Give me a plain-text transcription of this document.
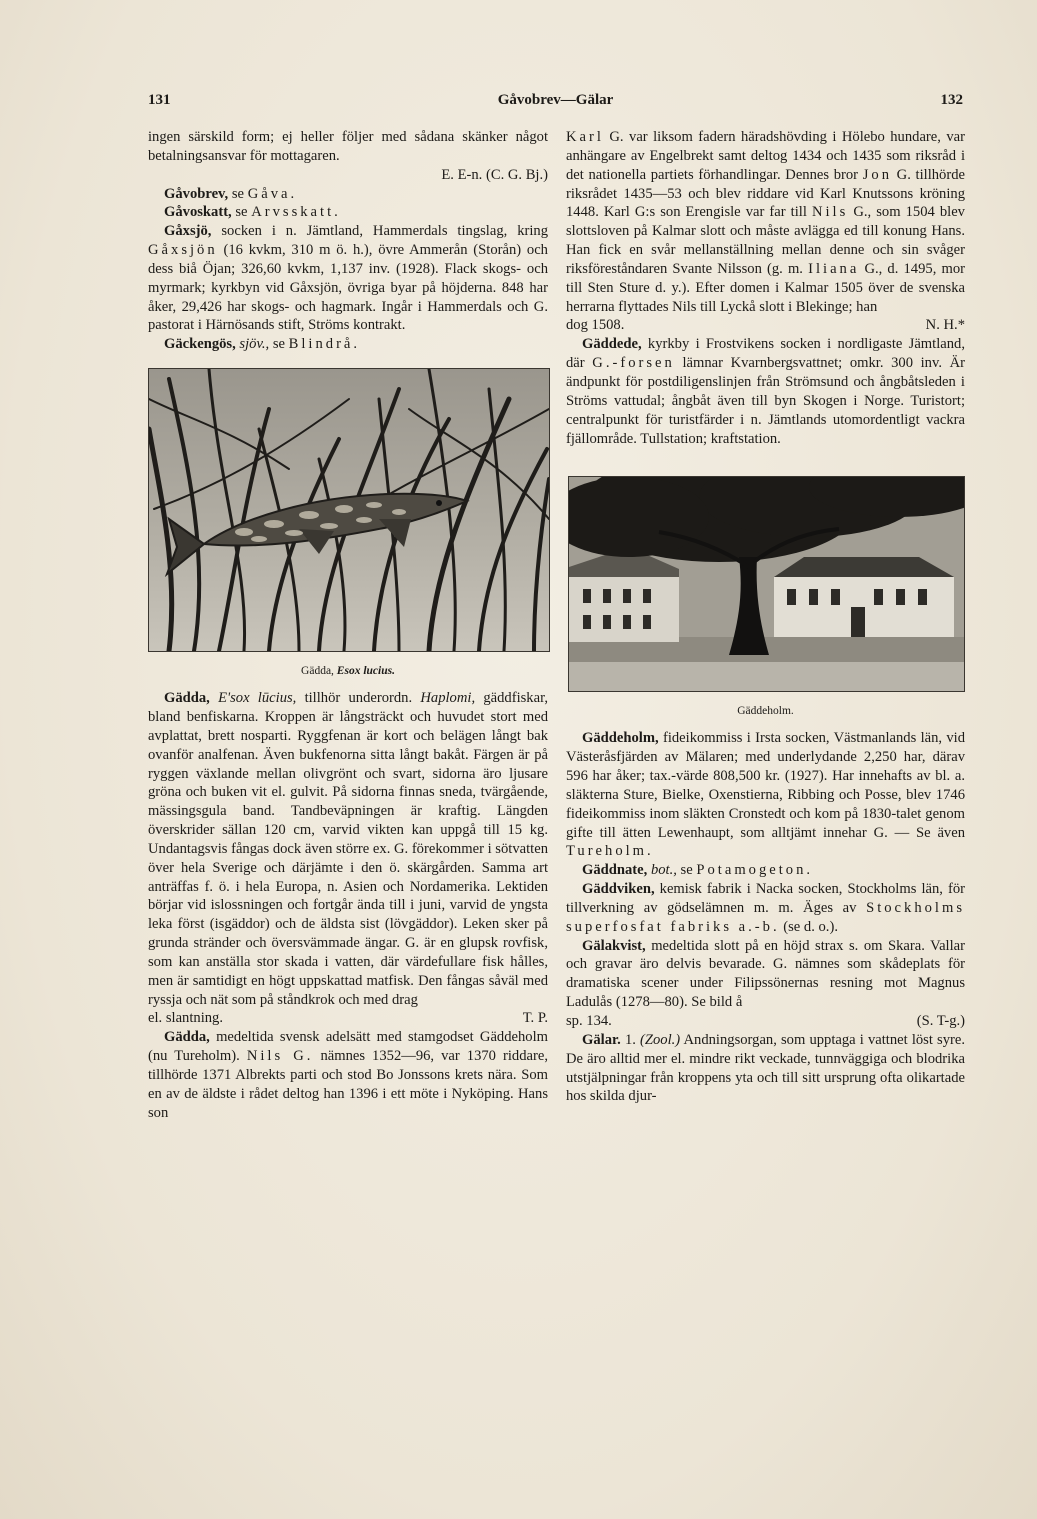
131	Gåvobrev—Gälar	132

ingen särskild form; ej heller följer med sådana skänker något betalningsansvar för mottagaren.

E. E-n. (C. G. Bj.)

Gåvobrev, se Gåva.

Gåvoskatt, se Arvsskatt.

Gåxsjö, socken i n. Jämtland, Hammerdals tingslag, kring Gåxsjön (16 kvkm, 310 m ö. h.), övre Ammerån (Storån) och dess biå Öjan; 326,60 kvkm, 1,137 inv. (1928). Flack skogs- och myrmark; kyrkbyn vid Gåxsjön, övriga byar på höjderna. 848 har åker, 29,426 har skogs- och hagmark. Ingår i Hammerdals och G. pastorat i Härnösands stift, Ströms kontrakt.

Gäckengös, sjöv., se Blindrå.

Gädda, Esox lucius.

Gädda, E'sox lūcius, tillhör underordn. Haplomi, gäddfiskar, bland benfiskarna. Kroppen är långsträckt och huvudet stort med avplattat, brett nosparti. Ryggfenan är kort och belägen långt bak ovanför analfenan. Även bukfenorna sitta långt bakåt. Färgen är på ryggen växlande mellan olivgrönt och svart, sidorna äro ljusare gröna och buken vit el. gulvit. På sidorna finnas sneda, tvärgående, mässingsgula band. Tandbeväpningen är kraftig. Längden överskrider sällan 120 cm, varvid vikten kan uppgå till 15 kg. Undantagsvis fångas dock även större ex. G. förekommer i sötvatten över hela Sverige och därjämte i den ö. skärgården. Samma art anträffas f. ö. i hela Europa, n. Asien och Nordamerika. Lektiden börjar vid islossningen och fortgår ända till i juni, varvid de yngsta leka först (isgäddor) och de äldsta sist (lövgäddor). Leken sker på grunda stränder och översvämmade ängar. G. är en glupsk rovfisk, som kan anställa stor skada i vatten, där värdefullare fisk hålles, men är samtidigt en högt uppskattad matfisk. Den fångas såväl med ryssja och nät som på ståndkrok och med drag

el. slantning.	T. P.

Gädda, medeltida svensk adelsätt med stamgodset Gäddeholm (nu Tureholm). Nils G. nämnes 1352—96, var 1370 riddare, tillhörde 1371 Albrekts parti och stod Bo Jonssons krets nära. Som en av de äldste i rådet deltog han 1396 i ett möte i Nyköping. Hans son

Karl G. var liksom fadern häradshövding i Hölebo hundare, var anhängare av Engelbrekt samt deltog 1434 och 1435 som riksråd i det nationella partiets förhandlingar. Dennes bror Jon G. tillhörde riksrådet 1435—53 och blev riddare vid Karl Knutssons kröning 1448. Karl G:s son Erengisle var far till Nils G., som 1504 blev slottsloven på Kalmar slott och måste avlägga ed till konung Hans. Han fick en svår mellanställning mellan denne och sin svåger riksföreståndaren Svante Nilsson (g. m. Iliana G., d. 1495, mor till Sten Sture d. y.). Efter domen i Kalmar 1505 över de svenska herrarna flyttades Nils till Lyckå slott i Blekinge; han

dog 1508.	N. H.*

Gäddede, kyrkby i Frostvikens socken i nordligaste Jämtland, där G.-forsen lämnar Kvarnbergsvattnet; omkr. 300 inv. Är ändpunkt för postdiligenslinjen från Strömsund och ångbåtsleden i Ströms vattudal; ångbåt även till byn Skogen i Norge. Turistort; centralpunkt för turistfärder i n. Jämtlands utomordentligt vackra fjällområde. Tullstation; kraftstation.

Gäddeholm.

Gäddeholm, fideikommiss i Irsta socken, Västmanlands län, vid Västeråsfjärden av Mälaren; med underlydande 2,250 har, därav 596 har åker; tax.-värde 808,500 kr. (1927). Har innehafts av bl. a. släkterna Sture, Bielke, Oxenstierna, Ribbing och Posse, blev 1746 fideikommiss inom släkten Cronstedt och kom på 1830-talet genom gifte till ätten Lewenhaupt, som alltjämt innehar G. — Se även Tureholm.

Gäddnate, bot., se Potamogeton.

Gäddviken, kemisk fabrik i Nacka socken, Stockholms län, för tillverkning av gödselämnen m. m. Äges av Stockholms superfosfat fabriks a.-b. (se d. o.).

Gälakvist, medeltida slott på en höjd strax s. om Skara. Vallar och gravar äro delvis bevarade. G. nämnes som skådeplats för dramatiska scener under Filipssönernas resning mot Magnus Ladulås (1278—80). Se bild å

sp. 134.	(S. T-g.)

Gälar. 1. (Zool.) Andningsorgan, som upptaga i vattnet löst syre. De äro alltid mer el. mindre rikt veckade, tunnväggiga och blodrika utstjälpningar från kroppens yta och till sitt ursprung ofta olikartade hos skilda djur-
